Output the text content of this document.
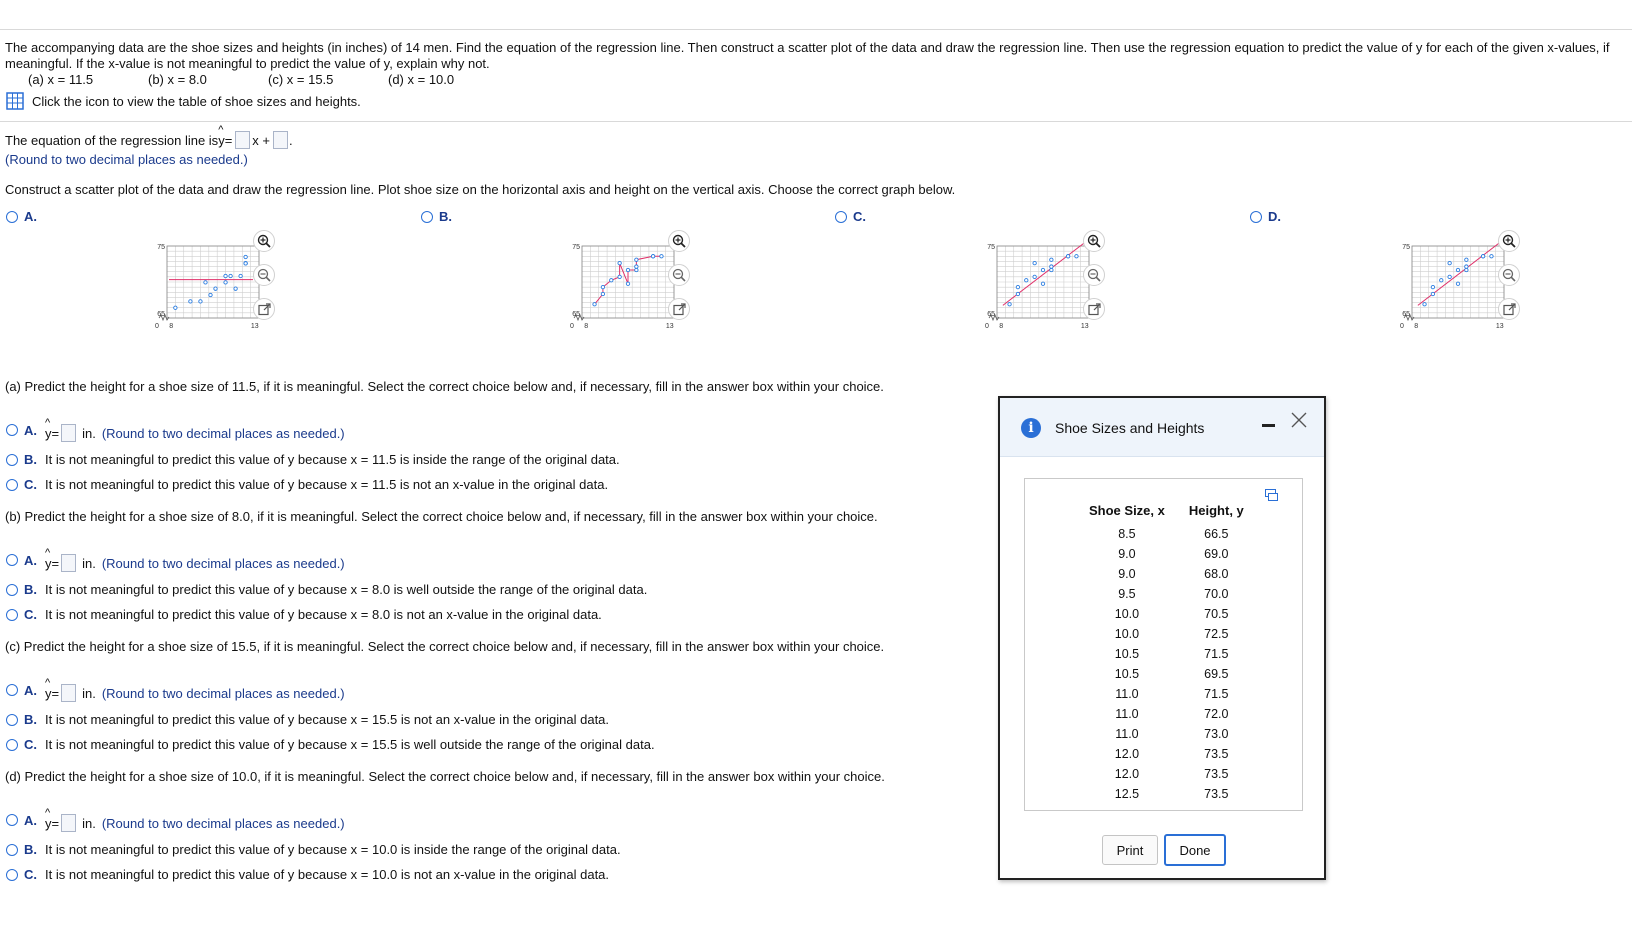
The accompanying data are the shoe sizes and heights (in inches) of 14 men. Find the equation of the regression line. Then construct a scatter plot of the data and draw the regression line. Then use the regression equation to predict the value of y for each of the given x-values, if
meaningful. If the x-value is not meaningful to predict the value of y, explain why not.
(a) x = 11.5	(b) x = 8.0	(c) x = 15.5	(d) x = 10.0
Click the icon to view the table of shoe sizes and heights.
The equation of the regression line is ^ y = x + .
(Round to two decimal places as needed.)
Construct a scatter plot of the data and draw the regression line. Plot shoe size on the horizontal axis and height on the vertical axis. Choose the correct graph below.
A.	B.	C.	D.
75
65
0 8	13
75
65
0 8	13
75
65
0 8	13
75
65
0 8	13
(a) Predict the height for a shoe size of 11.5, if it is meaningful. Select the correct choice below and, if necessary, fill in the answer box within your choice.
A. ^ y = in. (Round to two decimal places as needed.)
B. It is not meaningful to predict this value of y because x = 11.5 is inside the range of the original data.
C. It is not meaningful to predict this value of y because x = 11.5 is not an x-value in the original data.
(b) Predict the height for a shoe size of 8.0, if it is meaningful. Select the correct choice below and, if necessary, fill in the answer box within your choice.
A. ^ y = in. (Round to two decimal places as needed.)
B. It is not meaningful to predict this value of y because x = 8.0 is well outside the range of the original data.
C. It is not meaningful to predict this value of y because x = 8.0 is not an x-value in the original data.
(c) Predict the height for a shoe size of 15.5, if it is meaningful. Select the correct choice below and, if necessary, fill in the answer box within your choice.
A. ^ y = in. (Round to two decimal places as needed.)
B. It is not meaningful to predict this value of y because x = 15.5 is not an x-value in the original data.
C. It is not meaningful to predict this value of y because x = 15.5 is well outside the range of the original data.
(d) Predict the height for a shoe size of 10.0, if it is meaningful. Select the correct choice below and, if necessary, fill in the answer box within your choice.
A. ^ y = in. (Round to two decimal places as needed.)
B. It is not meaningful to predict this value of y because x = 10.0 is inside the range of the original data.
C. It is not meaningful to predict this value of y because x = 10.0 is not an x-value in the original data.
i	Shoe Sizes and Heights
Shoe Size, x	Height, y
8.5	66.5
9.0	69.0
9.0	68.0
9.5	70.0
10.0	70.5
10.0	72.5
10.5	71.5
10.5	69.5
11.0	71.5
11.0	72.0
11.0	73.0
12.0	73.5
12.0	73.5
12.5	73.5
Print	Done
